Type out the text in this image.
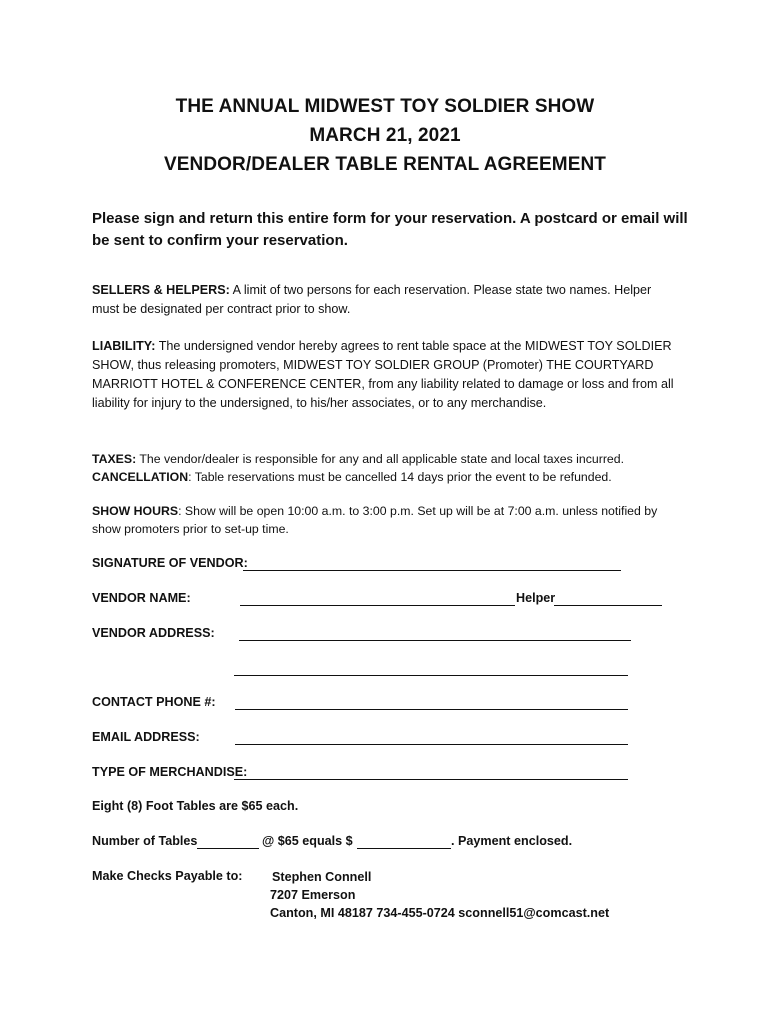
THE ANNUAL MIDWEST TOY SOLDIER SHOW
MARCH 21, 2021
VENDOR/DEALER TABLE RENTAL AGREEMENT
Please sign and return this entire form for your reservation. A postcard or email will be sent to confirm your reservation.
SELLERS & HELPERS: A limit of two persons for each reservation. Please state two names. Helper must be designated per contract prior to show.
LIABILITY: The undersigned vendor hereby agrees to rent table space at the MIDWEST TOY SOLDIER SHOW, thus releasing promoters, MIDWEST TOY SOLDIER GROUP (Promoter) THE COURTYARD MARRIOTT HOTEL & CONFERENCE CENTER, from any liability related to damage or loss and from all liability for injury to the undersigned, to his/her associates, or to any merchandise.
TAXES: The vendor/dealer is responsible for any and all applicable state and local taxes incurred.
CANCELLATION: Table reservations must be cancelled 14 days prior the event to be refunded.
SHOW HOURS: Show will be open 10:00 a.m. to 3:00 p.m. Set up will be at 7:00 a.m. unless notified by show promoters prior to set-up time.
SIGNATURE OF VENDOR:
VENDOR NAME:	Helper
VENDOR ADDRESS:
CONTACT PHONE #:
EMAIL ADDRESS:
TYPE OF MERCHANDISE:
Eight (8) Foot Tables are $65 each.
Number of Tables	@ $65 equals $	. Payment enclosed.
Make Checks Payable to: Stephen Connell
7207 Emerson
Canton, MI 48187 734-455-0724 sconnell51@comcast.net
